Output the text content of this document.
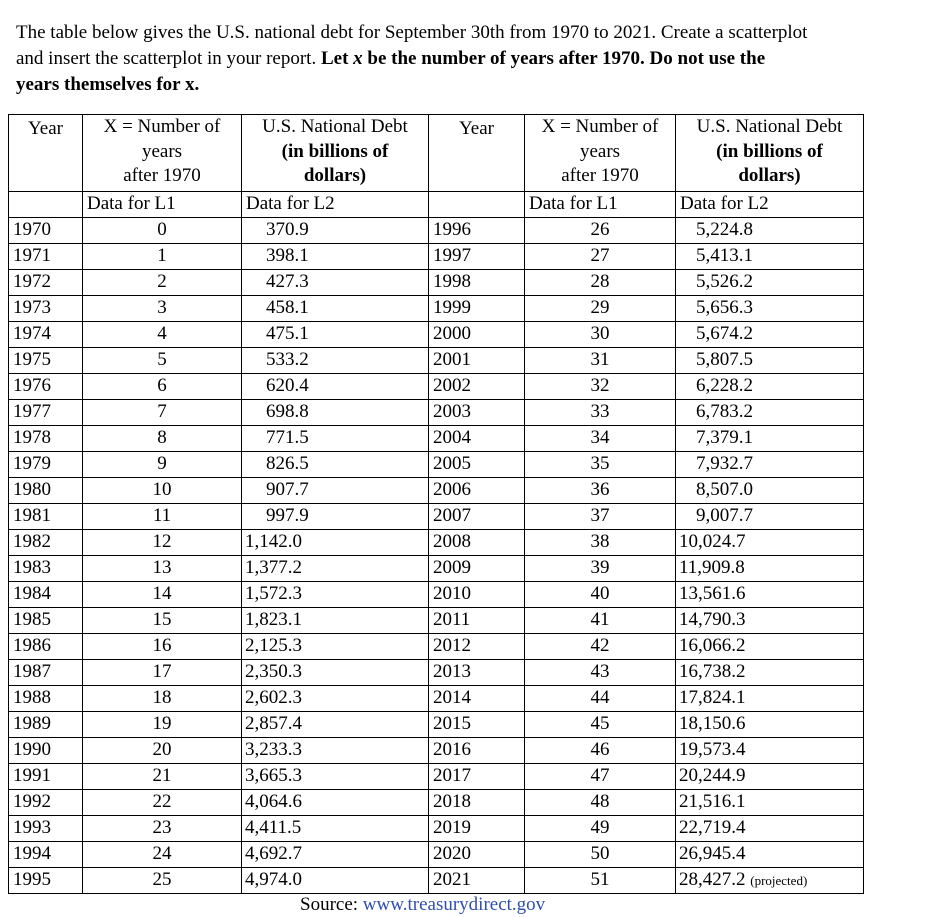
The table below gives the U.S. national debt for September 30th from 1970 to 2021. Create a scatterplot
and insert the scatterplot in your report. Let x be the number of years after 1970. Do not use the
years themselves for x.

Year	X = Number of
years
after 1970	U.S. National Debt
(in billions of
dollars)	Year	X = Number of
years
after 1970	U.S. National Debt
(in billions of
dollars)
	Data for L1	Data for L2		Data for L1	Data for L2
1970	0	370.9	1996	26	5,224.8
1971	1	398.1	1997	27	5,413.1
1972	2	427.3	1998	28	5,526.2
1973	3	458.1	1999	29	5,656.3
1974	4	475.1	2000	30	5,674.2
1975	5	533.2	2001	31	5,807.5
1976	6	620.4	2002	32	6,228.2
1977	7	698.8	2003	33	6,783.2
1978	8	771.5	2004	34	7,379.1
1979	9	826.5	2005	35	7,932.7
1980	10	907.7	2006	36	8,507.0
1981	11	997.9	2007	37	9,007.7
1982	12	1,142.0	2008	38	10,024.7
1983	13	1,377.2	2009	39	11,909.8
1984	14	1,572.3	2010	40	13,561.6
1985	15	1,823.1	2011	41	14,790.3
1986	16	2,125.3	2012	42	16,066.2
1987	17	2,350.3	2013	43	16,738.2
1988	18	2,602.3	2014	44	17,824.1
1989	19	2,857.4	2015	45	18,150.6
1990	20	3,233.3	2016	46	19,573.4
1991	21	3,665.3	2017	47	20,244.9
1992	22	4,064.6	2018	48	21,516.1
1993	23	4,411.5	2019	49	22,719.4
1994	24	4,692.7	2020	50	26,945.4
1995	25	4,974.0	2021	51	28,427.2 (projected)
Source: www.treasurydirect.gov
